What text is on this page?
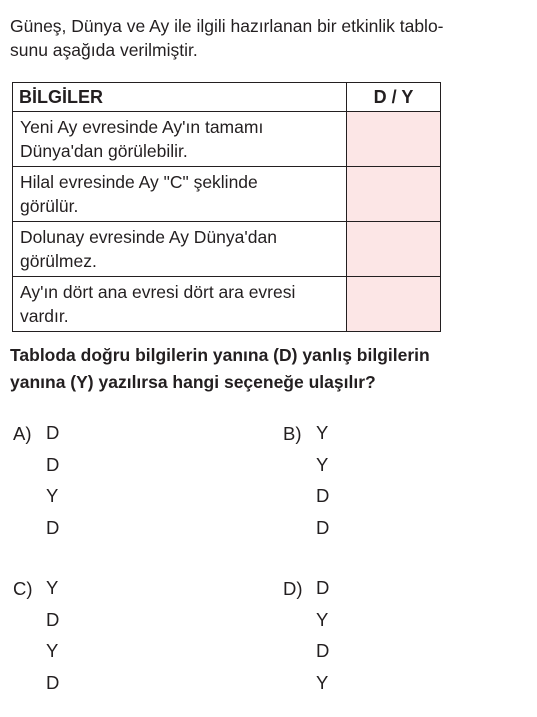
Güneş, Dünya ve Ay ile ilgili hazırlanan bir etkinlik tablo-
sunu aşağıda verilmiştir.

BİLGİLER	D / Y

Yeni Ay evresinde Ay'ın tamamı
Dünya'dan görülebilir.	

Hilal evresinde Ay "C" şeklinde
görülür.	

Dolunay evresinde Ay Dünya'dan
görülmez.	

Ay'ın dört ana evresi dört ara evresi
vardır.	

Tabloda doğru bilgilerin yanına (D) yanlış bilgilerin
yanına (Y) yazılırsa hangi seçeneğe ulaşılır?

A) D
D
Y
D
B) Y
Y
D
D
C) Y
D
Y
D
D) D
Y
D
Y
